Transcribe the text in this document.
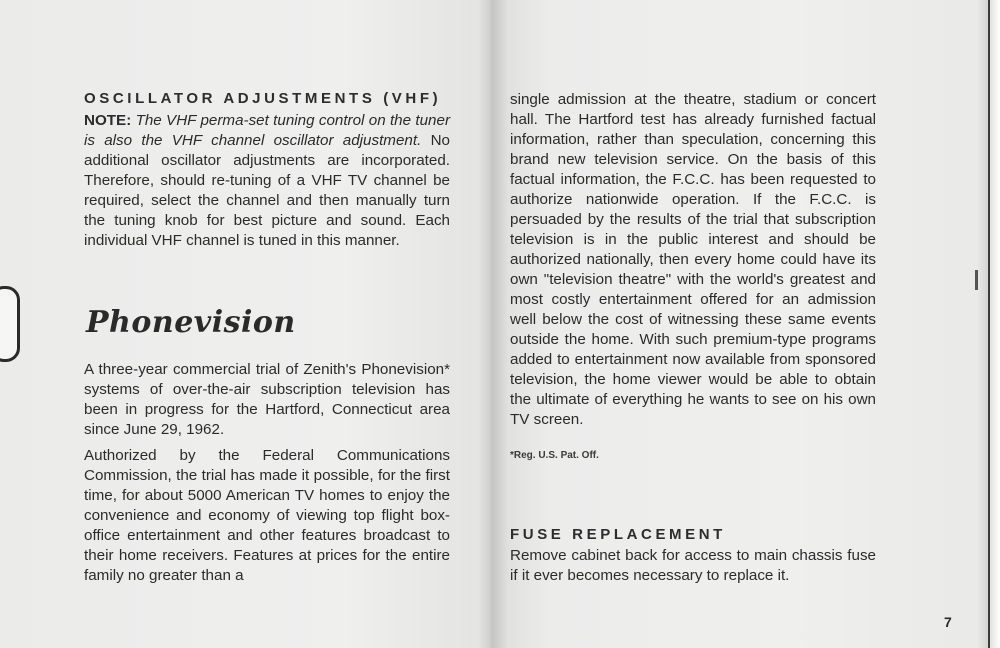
OSCILLATOR ADJUSTMENTS (VHF)

NOTE: The VHF perma-set tuning control on the tuner is also the VHF channel oscillator adjustment. No additional oscillator adjustments are incorporated. Therefore, should re-tuning of a VHF TV channel be required, select the channel and then manually turn the tuning knob for best picture and sound. Each individual VHF channel is tuned in this manner.

Phonevision
A three-year commercial trial of Zenith's Phonevision* systems of over-the-air subscription television has been in progress for the Hartford, Connecticut area since June 29, 1962.
Authorized by the Federal Communications Commission, the trial has made it possible, for the first time, for about 5000 American TV homes to enjoy the convenience and economy of viewing top flight box-office entertainment and other features broadcast to their home receivers. Features at prices for the entire family no greater than a
single admission at the theatre, stadium or concert hall. The Hartford test has already furnished factual information, rather than speculation, concerning this brand new television service. On the basis of this factual information, the F.C.C. has been requested to authorize nationwide operation. If the F.C.C. is persuaded by the results of the trial that subscription television is in the public interest and should be authorized nationally, then every home could have its own "television theatre" with the world's greatest and most costly entertainment offered for an admission well below the cost of witnessing these same events outside the home. With such premium-type programs added to entertainment now available from sponsored television, the home viewer would be able to obtain the ultimate of everything he wants to see on his own TV screen.
*Reg. U.S. Pat. Off.
FUSE REPLACEMENT
Remove cabinet back for access to main chassis fuse if it ever becomes necessary to replace it.
7
